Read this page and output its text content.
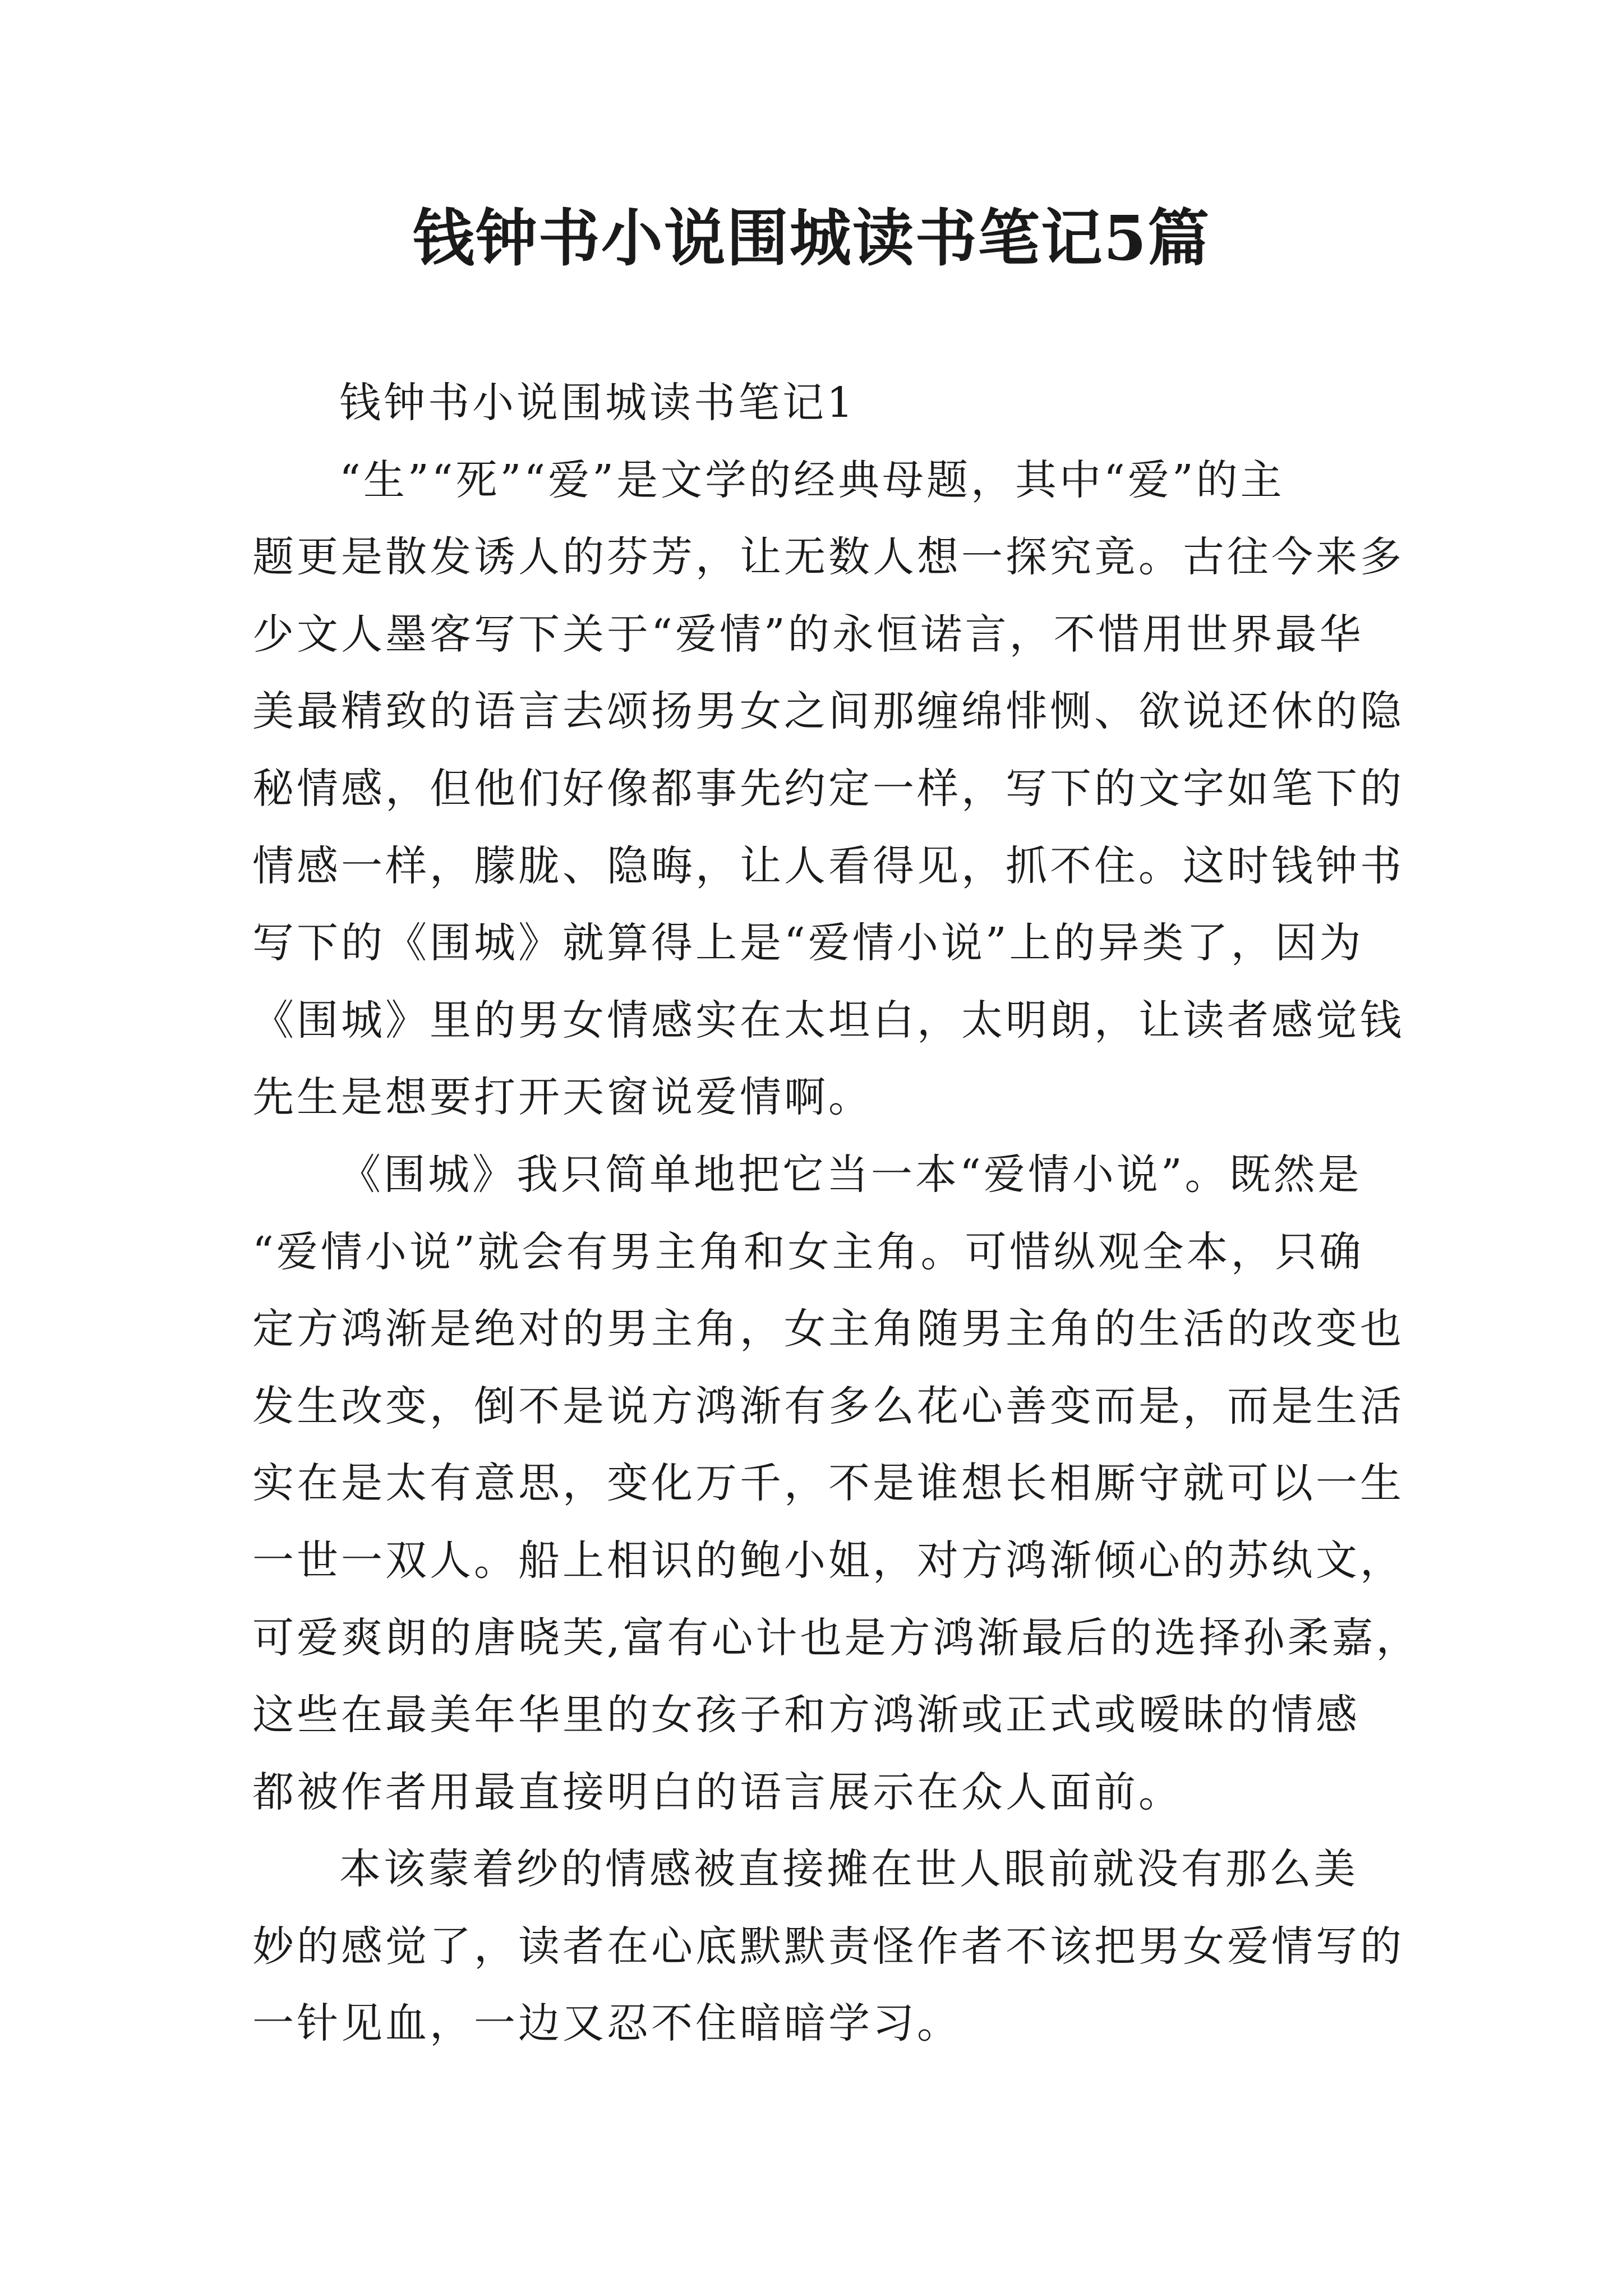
钱钟书小说围城读书笔记5篇
钱钟书小说围城读书笔记1
“生”“死”“爱”是文学的经典母题，其中“爱”的主
题更是散发诱人的芬芳，让无数人想一探究竟。古往今来多
少文人墨客写下关于“爱情”的永恒诺言，不惜用世界最华
美最精致的语言去颂扬男女之间那缠绵悱恻、欲说还休的隐
秘情感，但他们好像都事先约定一样，写下的文字如笔下的
情感一样，朦胧、隐晦，让人看得见，抓不住。这时钱钟书
写下的《围城》就算得上是“爱情小说”上的异类了，因为
《围城》里的男女情感实在太坦白，太明朗，让读者感觉钱
先生是想要打开天窗说爱情啊。
《围城》我只简单地把它当一本“爱情小说”。既然是
“爱情小说”就会有男主角和女主角。可惜纵观全本，只确
定方鸿渐是绝对的男主角，女主角随男主角的生活的改变也
发生改变，倒不是说方鸿渐有多么花心善变而是，而是生活
实在是太有意思，变化万千，不是谁想长相厮守就可以一生
一世一双人。船上相识的鲍小姐，对方鸿渐倾心的苏纨文，
可爱爽朗的唐晓芙,富有心计也是方鸿渐最后的选择孙柔嘉，
这些在最美年华里的女孩子和方鸿渐或正式或暧昧的情感
都被作者用最直接明白的语言展示在众人面前。
本该蒙着纱的情感被直接摊在世人眼前就没有那么美
妙的感觉了，读者在心底默默责怪作者不该把男女爱情写的
一针见血，一边又忍不住暗暗学习。
